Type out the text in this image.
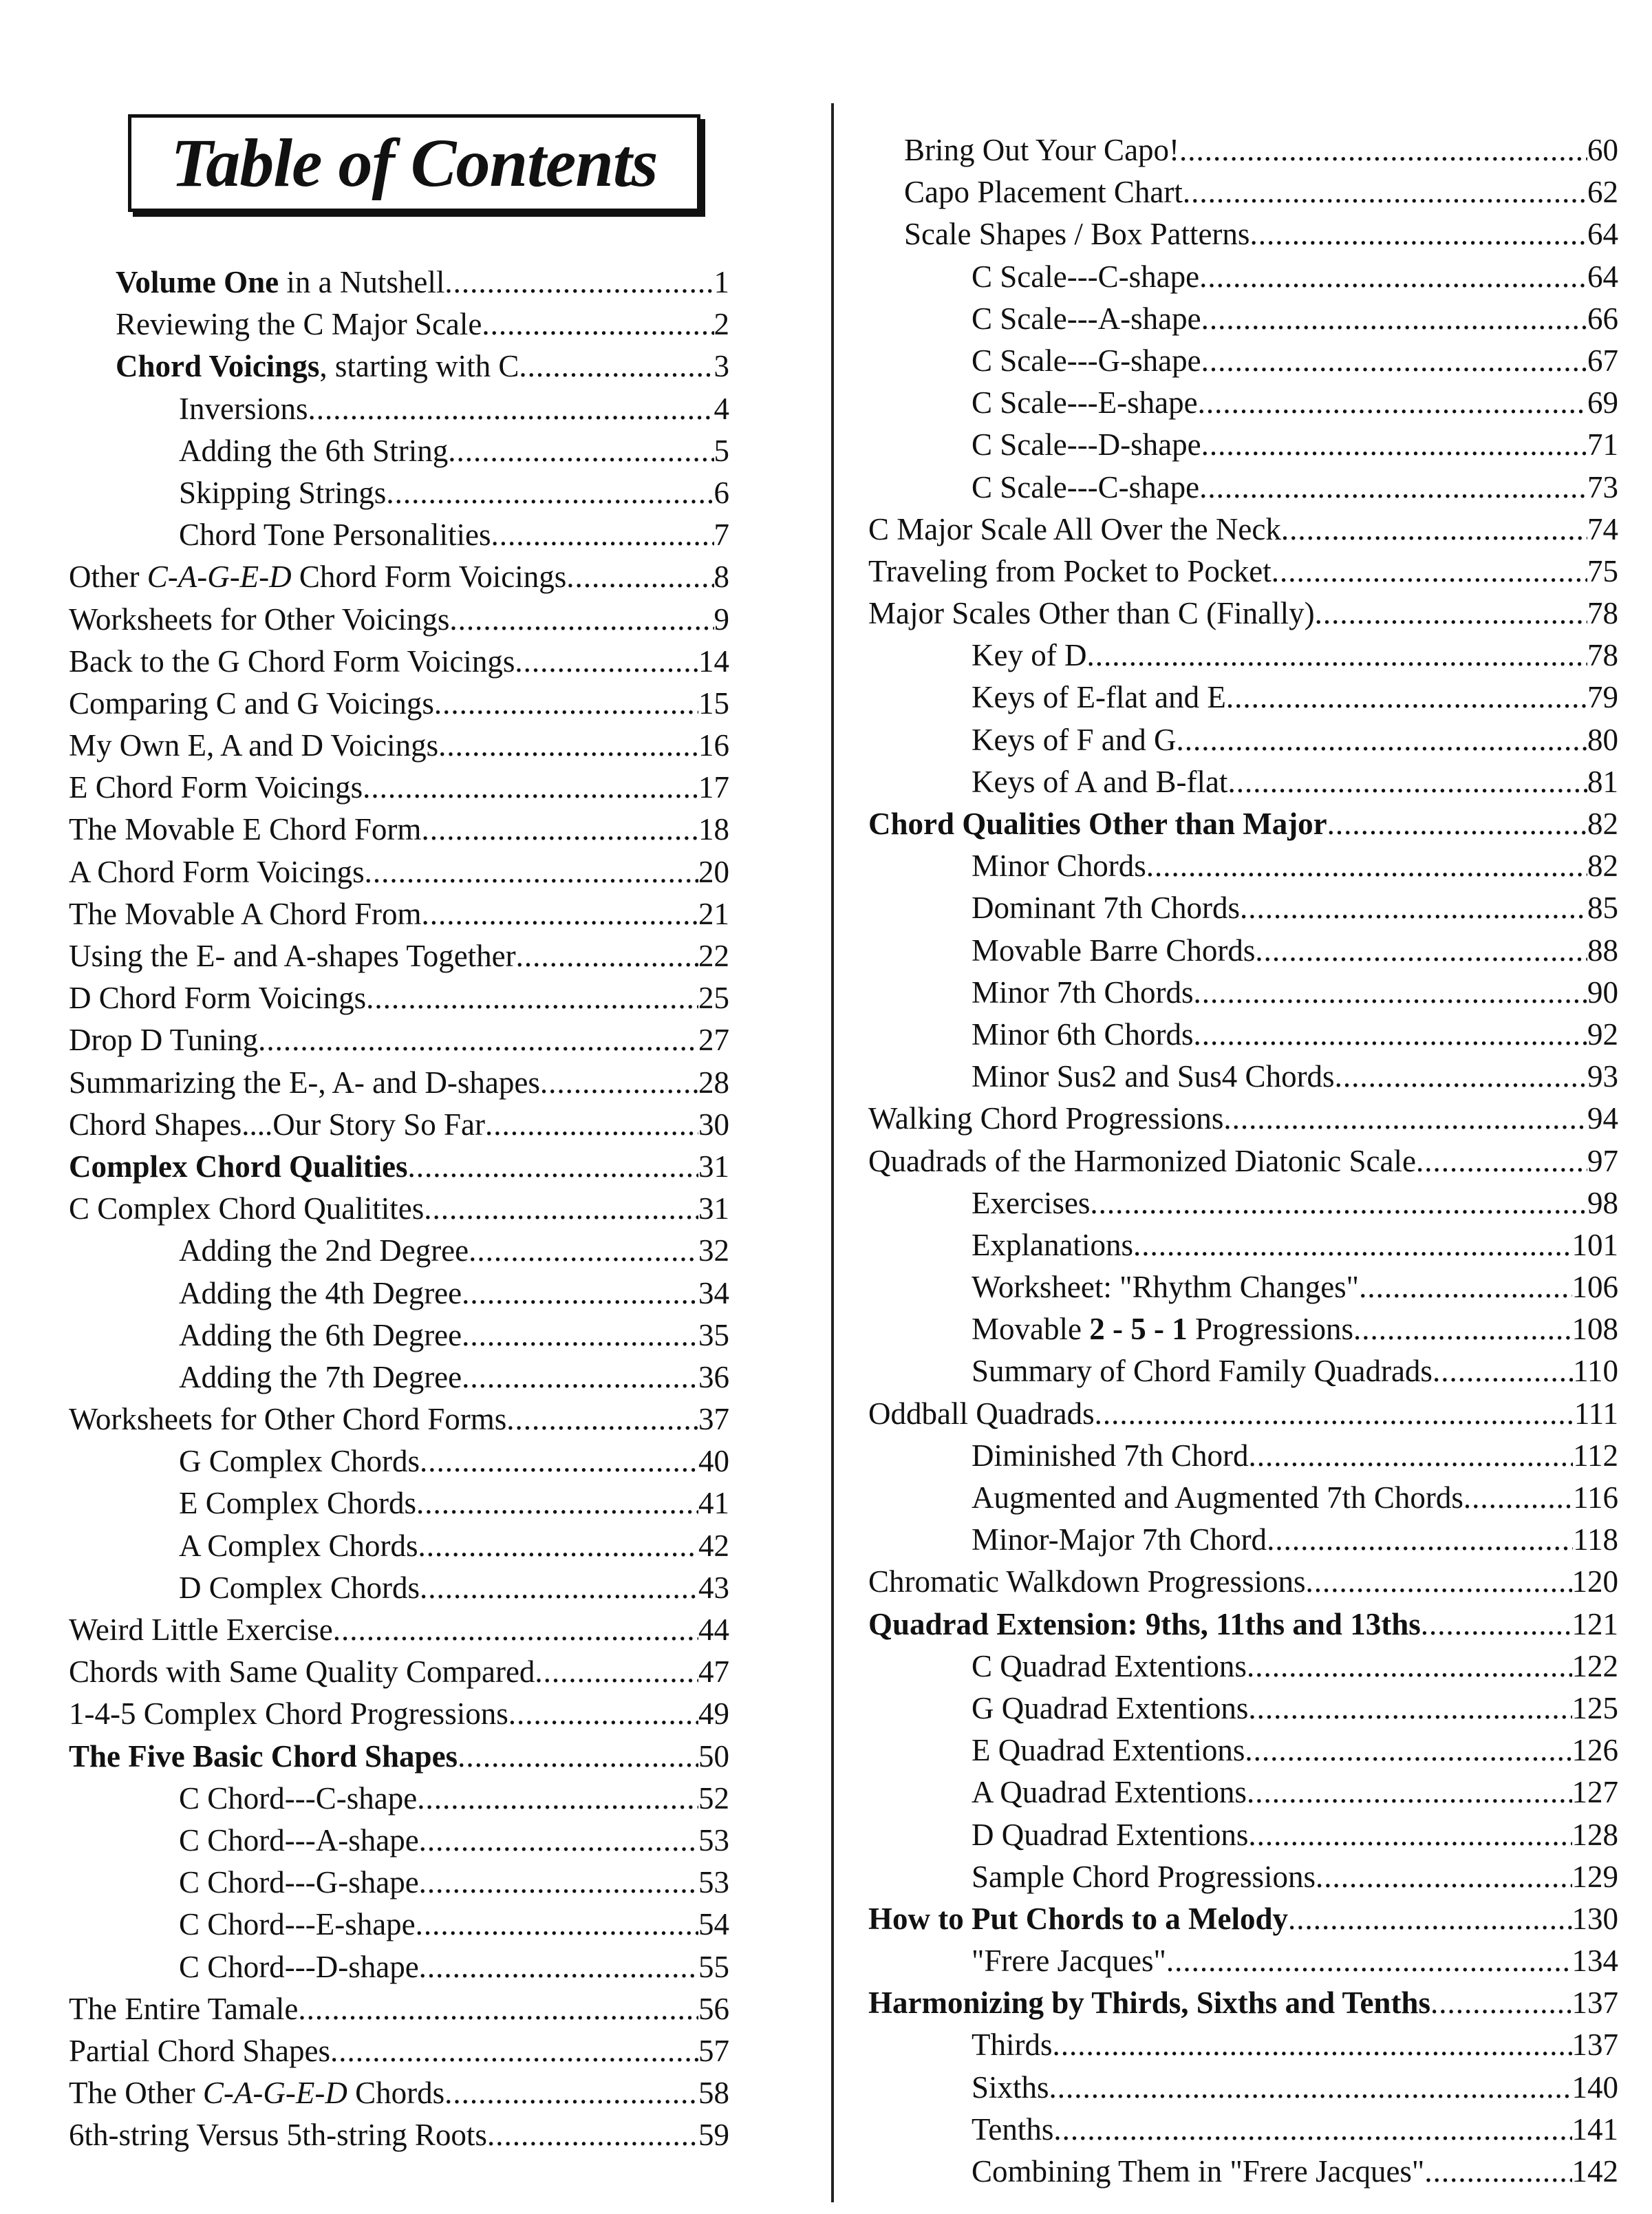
Table of Contents
Volume One in a Nutshell .....	1
Reviewing the C Major Scale .....	2
Chord Voicings, starting with C .....	3
Inversions .....	4
Adding the 6th String .....	5
Skipping Strings .....	6
Chord Tone Personalities .....	7
Other C-A-G-E-D Chord Form Voicings .....	8
Worksheets for Other Voicings .....	9
Back to the G Chord Form Voicings .....	14
Comparing C and G Voicings .....	15
My Own E, A and D Voicings .....	16
E Chord Form Voicings .....	17
The Movable E Chord Form .....	18
A Chord Form Voicings .....	20
The Movable A Chord From .....	21
Using the E- and A-shapes Together .....	22
D Chord Form Voicings .....	25
Drop D Tuning .....	27
Summarizing the E-, A- and D-shapes .....	28
Chord Shapes....Our Story So Far .....	30
Complex Chord Qualities .....	31
C Complex Chord Qualitites .....	31
Adding the 2nd Degree .....	32
Adding the 4th Degree .....	34
Adding the 6th Degree .....	35
Adding the 7th Degree .....	36
Worksheets for Other Chord Forms .....	37
G Complex Chords .....	40
E Complex Chords .....	41
A Complex Chords .....	42
D Complex Chords .....	43
Weird Little Exercise .....	44
Chords with Same Quality Compared .....	47
1-4-5 Complex Chord Progressions .....	49
The Five Basic Chord Shapes .....	50
C Chord---C-shape .....	52
C Chord---A-shape .....	53
C Chord---G-shape .....	53
C Chord---E-shape .....	54
C Chord---D-shape .....	55
The Entire Tamale .....	56
Partial Chord Shapes .....	57
The Other C-A-G-E-D Chords .....	58
6th-string Versus 5th-string Roots .....	59
Bring Out Your Capo! .....	60
Capo Placement Chart .....	62
Scale Shapes / Box Patterns .....	64
C Scale---C-shape .....	64
C Scale---A-shape .....	66
C Scale---G-shape .....	67
C Scale---E-shape .....	69
C Scale---D-shape .....	71
C Scale---C-shape .....	73
C Major Scale All Over the Neck .....	74
Traveling from Pocket to Pocket .....	75
Major Scales Other than C (Finally) .....	78
Key of D .....	78
Keys of E-flat and E .....	79
Keys of F and G .....	80
Keys of A and B-flat .....	81
Chord Qualities Other than Major .....	82
Minor Chords .....	82
Dominant 7th Chords .....	85
Movable Barre Chords .....	88
Minor 7th Chords .....	90
Minor 6th Chords .....	92
Minor Sus2 and Sus4 Chords .....	93
Walking Chord Progressions .....	94
Quadrads of the Harmonized Diatonic Scale .....	97
Exercises .....	98
Explanations .....	101
Worksheet: "Rhythm Changes" .....	106
Movable 2 - 5 - 1 Progressions .....	108
Summary of Chord Family Quadrads .....	110
Oddball Quadrads .....	111
Diminished 7th Chord .....	112
Augmented and Augmented 7th Chords .....	116
Minor-Major 7th Chord .....	118
Chromatic Walkdown Progressions .....	120
Quadrad Extension: 9ths, 11ths and 13ths .....	121
C Quadrad Extentions .....	122
G Quadrad Extentions .....	125
E Quadrad Extentions .....	126
A Quadrad Extentions .....	127
D Quadrad Extentions .....	128
Sample Chord Progressions .....	129
How to Put Chords to a Melody .....	130
"Frere Jacques" .....	134
Harmonizing by Thirds, Sixths and Tenths .....	137
Thirds .....	137
Sixths .....	140
Tenths .....	141
Combining Them in "Frere Jacques" .....	142
